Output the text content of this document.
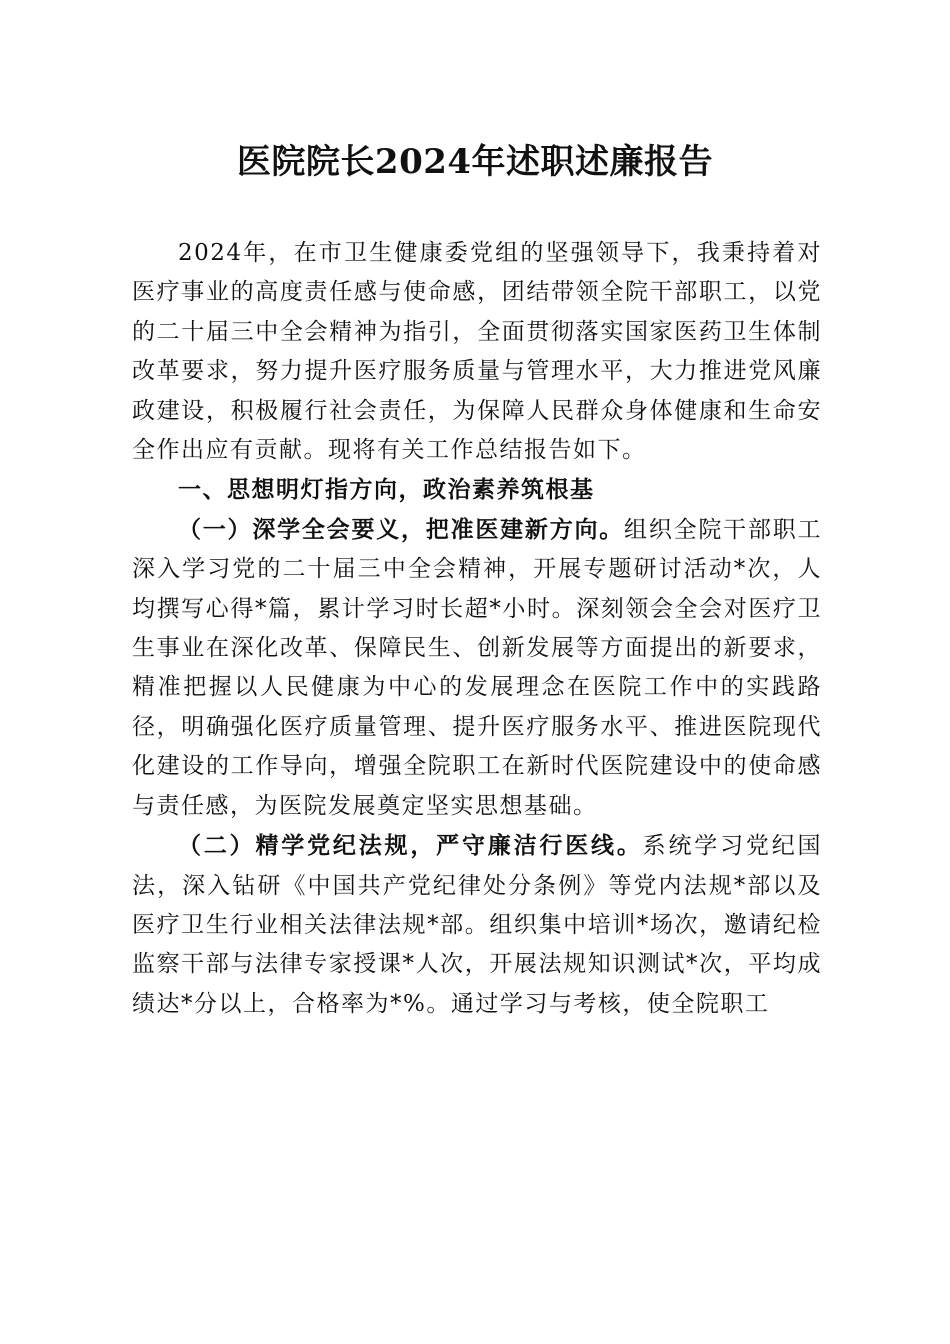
医院院长2024年述职述廉报告

2024年，在市卫生健康委党组的坚强领导下，我秉持着对医疗事业的高度责任感与使命感，团结带领全院干部职工，以党的二十届三中全会精神为指引，全面贯彻落实国家医药卫生体制改革要求，努力提升医疗服务质量与管理水平，大力推进党风廉政建设，积极履行社会责任，为保障人民群众身体健康和生命安全作出应有贡献。现将有关工作总结报告如下。

一、思想明灯指方向，政治素养筑根基

（一）深学全会要义，把准医建新方向。组织全院干部职工深入学习党的二十届三中全会精神，开展专题研讨活动*次，人均撰写心得*篇，累计学习时长超*小时。深刻领会全会对医疗卫生事业在深化改革、保障民生、创新发展等方面提出的新要求，精准把握以人民健康为中心的发展理念在医院工作中的实践路径，明确强化医疗质量管理、提升医疗服务水平、推进医院现代化建设的工作导向，增强全院职工在新时代医院建设中的使命感与责任感，为医院发展奠定坚实思想基础。

（二）精学党纪法规，严守廉洁行医线。系统学习党纪国法，深入钻研《中国共产党纪律处分条例》等党内法规*部以及医疗卫生行业相关法律法规*部。组织集中培训*场次，邀请纪检监察干部与法律专家授课*人次，开展法规知识测试*次，平均成绩达*分以上，合格率为*%。通过学习与考核，使全院职工
